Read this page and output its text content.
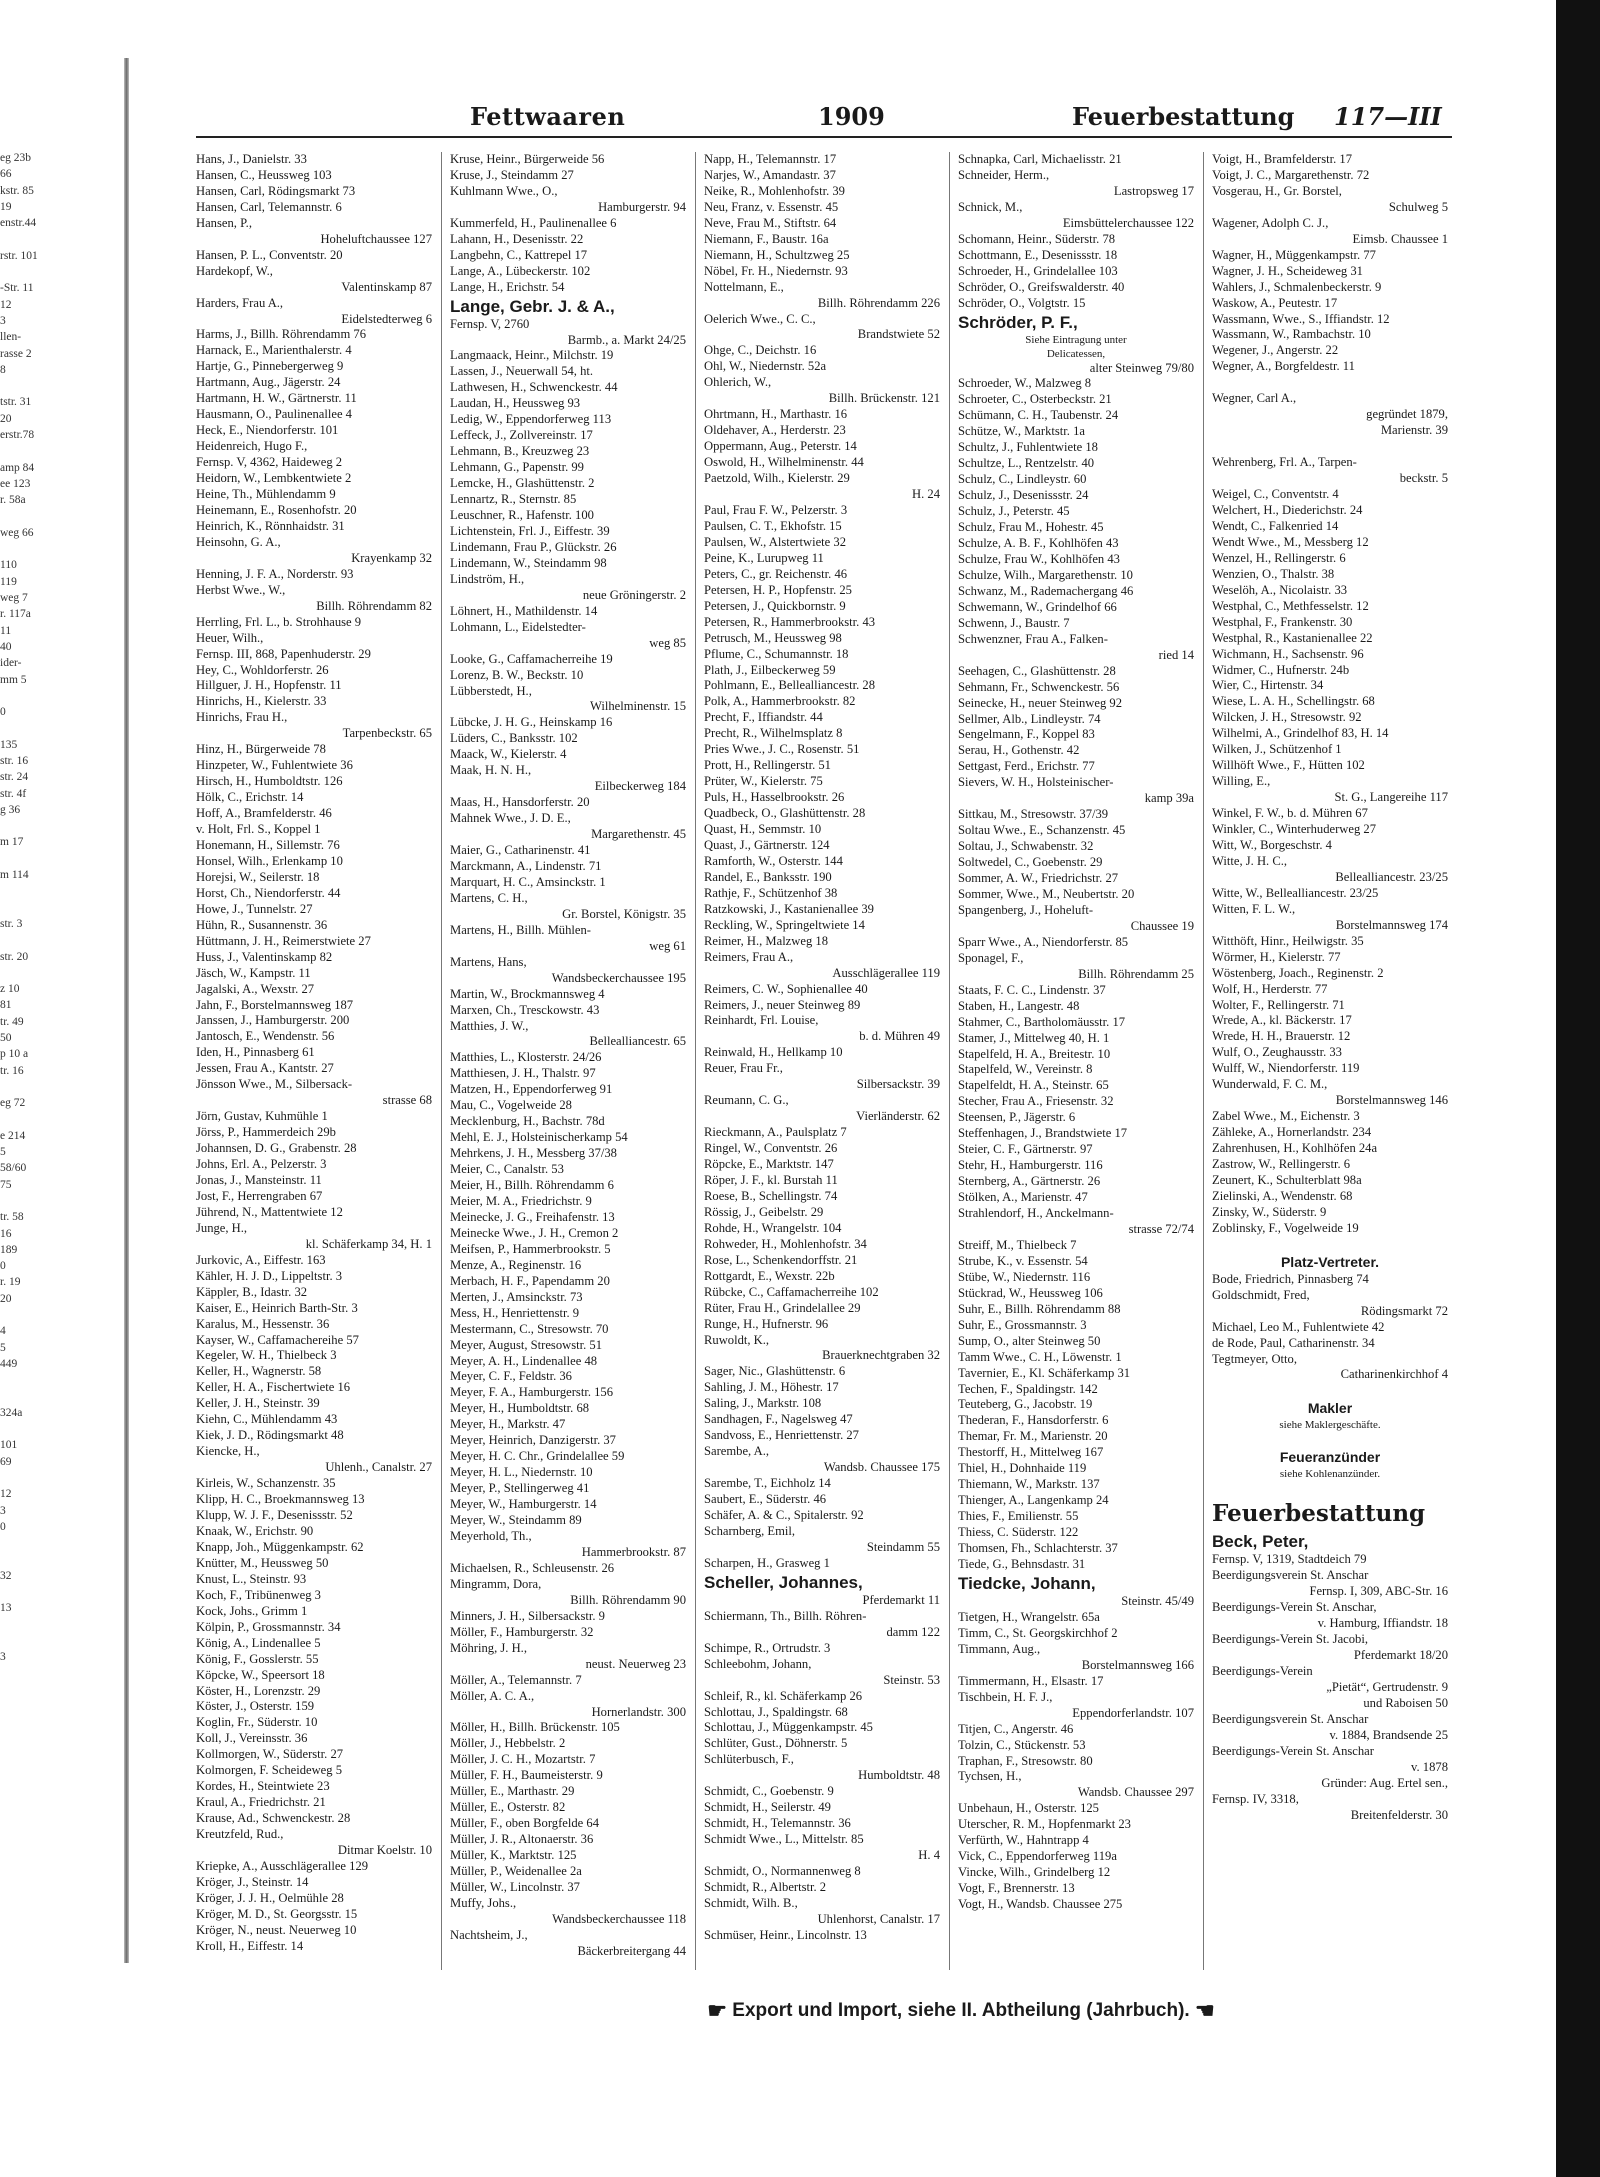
eg 23b
66
kstr. 85
19
enstr.44

rstr. 101

-Str. 11
12
3
llen-
rasse 2
8

tstr. 31
20
erstr.78

amp 84
ee 123
r. 58a

weg 66

110
119
weg 7
r. 117a
11
40
ider-
mm 5

0

135
str. 16
str. 24
str. 4f
g 36

m 17

m 114

str. 3

str. 20

z 10
81
tr. 49
50
p 10 a
tr. 16

eg 72

e 214
5
58/60
75

tr. 58
16
189
0
r. 19
20

4
5
449

324a

101
69

12
3
0

32

13

3
Fettwaaren	1909	Feuerbestattung 117—III
Hans, J., Danielstr. 33
Hansen, C., Heussweg 103
Hansen, Carl, Rödingsmarkt 73
Hansen, Carl, Telemannstr. 6
Hansen, P.,
Hoheluftchaussee 127
Hansen, P. L., Conventstr. 20
Hardekopf, W.,
Valentinskamp 87
Harders, Frau A.,
Eidelstedterweg 6
Harms, J., Billh. Röhrendamm 76
Harnack, E., Marienthalerstr. 4
Hartje, G., Pinnebergerweg 9
Hartmann, Aug., Jägerstr. 24
Hartmann, H. W., Gärtnerstr. 11
Hausmann, O., Paulinenallee 4
Heck, E., Niendorferstr. 101
Heidenreich, Hugo F.,
Fernsp. V, 4362, Haideweg 2
Heidorn, W., Lembkentwiete 2
Heine, Th., Mühlendamm 9
Heinemann, E., Rosenhofstr. 20
Heinrich, K., Rönnhaidstr. 31
Heinsohn, G. A.,
Krayenkamp 32
Henning, J. F. A., Norderstr. 93
Herbst Wwe., W.,
Billh. Röhrendamm 82
Herrling, Frl. L., b. Strohhause 9
Heuer, Wilh.,
Fernsp. III, 868, Papenhuderstr. 29
Hey, C., Wohldorferstr. 26
Hillguer, J. H., Hopfenstr. 11
Hinrichs, H., Kielerstr. 33
Hinrichs, Frau H.,
Tarpenbeckstr. 65
Hinz, H., Bürgerweide 78
Hinzpeter, W., Fuhlentwiete 36
Hirsch, H., Humboldtstr. 126
Hölk, C., Erichstr. 14
Hoff, A., Bramfelderstr. 46
v. Holt, Frl. S., Koppel 1
Honemann, H., Sillemstr. 76
Honsel, Wilh., Erlenkamp 10
Horejsi, W., Seilerstr. 18
Horst, Ch., Niendorferstr. 44
Howe, J., Tunnelstr. 27
Hühn, R., Susannenstr. 36
Hüttmann, J. H., Reimerstwiete 27
Huss, J., Valentinskamp 82
Jäsch, W., Kampstr. 11
Jagalski, A., Wexstr. 27
Jahn, F., Borstelmannsweg 187
Janssen, J., Hamburgerstr. 200
Jantosch, E., Wendenstr. 56
Iden, H., Pinnasberg 61
Jessen, Frau A., Kantstr. 27
Jönsson Wwe., M., Silbersack-
strasse 68
Jörn, Gustav, Kuhmühle 1
Jörss, P., Hammerdeich 29b
Johannsen, D. G., Grabenstr. 28
Johns, Erl. A., Pelzerstr. 3
Jonas, J., Mansteinstr. 11
Jost, F., Herrengraben 67
Jührend, N., Mattentwiete 12
Junge, H.,
kl. Schäferkamp 34, H. 1
Jurkovic, A., Eiffestr. 163
Kähler, H. J. D., Lippeltstr. 3
Käppler, B., Idastr. 32
Kaiser, E., Heinrich Barth-Str. 3
Karalus, M., Hessenstr. 36
Kayser, W., Caffamachereihe 57
Kegeler, W. H., Thielbeck 3
Keller, H., Wagnerstr. 58
Keller, H. A., Fischertwiete 16
Keller, J. H., Steinstr. 39
Kiehn, C., Mühlendamm 43
Kiek, J. D., Rödingsmarkt 48
Kiencke, H.,
Uhlenh., Canalstr. 27
Kirleis, W., Schanzenstr. 35
Klipp, H. C., Broekmannsweg 13
Klupp, W. J. F., Desenissstr. 52
Knaak, W., Erichstr. 90
Knapp, Joh., Müggenkampstr. 62
Knütter, M., Heussweg 50
Knust, L., Steinstr. 93
Koch, F., Tribünenweg 3
Kock, Johs., Grimm 1
Kölpin, P., Grossmannstr. 34
König, A., Lindenallee 5
König, F., Gosslerstr. 55
Köpcke, W., Speersort 18
Köster, H., Lorenzstr. 29
Köster, J., Osterstr. 159
Koglin, Fr., Süderstr. 10
Koll, J., Vereinsstr. 36
Kollmorgen, W., Süderstr. 27
Kolmorgen, F. Scheideweg 5
Kordes, H., Steintwiete 23
Kraul, A., Friedrichstr. 21
Krause, Ad., Schwenckestr. 28
Kreutzfeld, Rud.,
Ditmar Koelstr. 10
Kriepke, A., Ausschlägerallee 129
Kröger, J., Steinstr. 14
Kröger, J. J. H., Oelmühle 28
Kröger, M. D., St. Georgsstr. 15
Kröger, N., neust. Neuerweg 10
Kroll, H., Eiffestr. 14
Kruse, Heinr., Bürgerweide 56
Kruse, J., Steindamm 27
Kuhlmann Wwe., O.,
Hamburgerstr. 94
Kummerfeld, H., Paulinenallee 6
Lahann, H., Desenisstr. 22
Langbehn, C., Kattrepel 17
Lange, A., Lübeckerstr. 102
Lange, H., Erichstr. 54
Lange, Gebr. J. & A.,
Fernsp. V, 2760
Barmb., a. Markt 24/25
Langmaack, Heinr., Milchstr. 19
Lassen, J., Neuerwall 54, ht.
Lathwesen, H., Schwenckestr. 44
Laudan, H., Heussweg 93
Ledig, W., Eppendorferweg 113
Leffeck, J., Zollvereinstr. 17
Lehmann, B., Kreuzweg 23
Lehmann, G., Papenstr. 99
Lemcke, H., Glashüttenstr. 2
Lennartz, R., Sternstr. 85
Leuschner, R., Hafenstr. 100
Lichtenstein, Frl. J., Eiffestr. 39
Lindemann, Frau P., Glückstr. 26
Lindemann, W., Steindamm 98
Lindström, H.,
neue Gröningerstr. 2
Löhnert, H., Mathildenstr. 14
Lohmann, L., Eidelstedter-
weg 85
Looke, G., Caffamacherreihe 19
Lorenz, B. W., Beckstr. 10
Lübberstedt, H.,
Wilhelminenstr. 15
Lübcke, J. H. G., Heinskamp 16
Lüders, C., Banksstr. 102
Maack, W., Kielerstr. 4
Maak, H. N. H.,
Eilbeckerweg 184
Maas, H., Hansdorferstr. 20
Mahnek Wwe., J. D. E.,
Margarethenstr. 45
Maier, G., Catharinenstr. 41
Marckmann, A., Lindenstr. 71
Marquart, H. C., Amsinckstr. 1
Martens, C. H.,
Gr. Borstel, Königstr. 35
Martens, H., Billh. Mühlen-
weg 61
Martens, Hans,
Wandsbeckerchaussee 195
Martin, W., Brockmannsweg 4
Marxen, Ch., Tresckowstr. 43
Matthies, J. W.,
Bellealliancestr. 65
Matthies, L., Klosterstr. 24/26
Matthiesen, J. H., Thalstr. 97
Matzen, H., Eppendorferweg 91
Mau, C., Vogelweide 28
Mecklenburg, H., Bachstr. 78d
Mehl, E. J., Holsteinischerkamp 54
Mehrkens, J. H., Messberg 37/38
Meier, C., Canalstr. 53
Meier, H., Billh. Röhrendamm 6
Meier, M. A., Friedrichstr. 9
Meinecke, J. G., Freihafenstr. 13
Meinecke Wwe., J. H., Cremon 2
Meifsen, P., Hammerbrookstr. 5
Menze, A., Reginenstr. 16
Merbach, H. F., Papendamm 20
Merten, J., Amsinckstr. 73
Mess, H., Henriettenstr. 9
Mestermann, C., Stresowstr. 70
Meyer, August, Stresowstr. 51
Meyer, A. H., Lindenallee 48
Meyer, C. F., Feldstr. 36
Meyer, F. A., Hamburgerstr. 156
Meyer, H., Humboldtstr. 68
Meyer, H., Markstr. 47
Meyer, Heinrich, Danzigerstr. 37
Meyer, H. C. Chr., Grindelallee 59
Meyer, H. L., Niedernstr. 10
Meyer, P., Stellingerweg 41
Meyer, W., Hamburgerstr. 14
Meyer, W., Steindamm 89
Meyerhold, Th.,
Hammerbrookstr. 87
Michaelsen, R., Schleusenstr. 26
Mingramm, Dora,
Billh. Röhrendamm 90
Minners, J. H., Silbersackstr. 9
Möller, F., Hamburgerstr. 32
Möhring, J. H.,
neust. Neuerweg 23
Möller, A., Telemannstr. 7
Möller, A. C. A.,
Hornerlandstr. 300
Möller, H., Billh. Brückenstr. 105
Möller, J., Hebbelstr. 2
Möller, J. C. H., Mozartstr. 7
Müller, F. H., Baumeisterstr. 9
Müller, E., Marthastr. 29
Müller, E., Osterstr. 82
Müller, F., oben Borgfelde 64
Müller, J. R., Altonaerstr. 36
Müller, K., Marktstr. 125
Müller, P., Weidenallee 2a
Müller, W., Lincolnstr. 37
Muffy, Johs.,
Wandsbeckerchaussee 118
Nachtsheim, J.,
Bäckerbreitergang 44
Napp, H., Telemannstr. 17
Narjes, W., Amandastr. 37
Neike, R., Mohlenhofstr. 39
Neu, Franz, v. Essenstr. 45
Neve, Frau M., Stiftstr. 64
Niemann, F., Baustr. 16a
Niemann, H., Schultzweg 25
Nöbel, Fr. H., Niedernstr. 93
Nottelmann, E.,
Billh. Röhrendamm 226
Oelerich Wwe., C. C.,
Brandstwiete 52
Ohge, C., Deichstr. 16
Ohl, W., Niedernstr. 52a
Ohlerich, W.,
Billh. Brückenstr. 121
Ohrtmann, H., Marthastr. 16
Oldehaver, A., Herderstr. 23
Oppermann, Aug., Peterstr. 14
Oswold, H., Wilhelminenstr. 44
Paetzold, Wilh., Kielerstr. 29
H. 24
Paul, Frau F. W., Pelzerstr. 3
Paulsen, C. T., Ekhofstr. 15
Paulsen, W., Alstertwiete 32
Peine, K., Lurupweg 11
Peters, C., gr. Reichenstr. 46
Petersen, H. P., Hopfenstr. 25
Petersen, J., Quickbornstr. 9
Petersen, R., Hammerbrookstr. 43
Petrusch, M., Heussweg 98
Pflume, C., Schumannstr. 18
Plath, J., Eilbeckerweg 59
Pohlmann, E., Bellealliancestr. 28
Polk, A., Hammerbrookstr. 82
Precht, F., Iffiandstr. 44
Precht, R., Wilhelmsplatz 8
Pries Wwe., J. C., Rosenstr. 51
Prott, H., Rellingerstr. 51
Prüter, W., Kielerstr. 75
Puls, H., Hasselbrookstr. 26
Quadbeck, O., Glashüttenstr. 28
Quast, H., Semmstr. 10
Quast, J., Gärtnerstr. 124
Ramforth, W., Osterstr. 144
Randel, E., Banksstr. 190
Rathje, F., Schützenhof 38
Ratzkowski, J., Kastanienallee 39
Reckling, W., Springeltwiete 14
Reimer, H., Malzweg 18
Reimers, Frau A.,
Ausschlägerallee 119
Reimers, C. W., Sophienallee 40
Reimers, J., neuer Steinweg 89
Reinhardt, Frl. Louise,
b. d. Mühren 49
Reinwald, H., Hellkamp 10
Reuer, Frau Fr.,
Silbersackstr. 39
Reumann, C. G.,
Vierländerstr. 62
Rieckmann, A., Paulsplatz 7
Ringel, W., Conventstr. 26
Röpcke, E., Marktstr. 147
Röper, J. F., kl. Burstah 11
Roese, B., Schellingstr. 74
Rössig, J., Geibelstr. 29
Rohde, H., Wrangelstr. 104
Rohweder, H., Mohlenhofstr. 34
Rose, L., Schenkendorffstr. 21
Rottgardt, E., Wexstr. 22b
Rübcke, C., Caffamacherreihe 102
Rüter, Frau H., Grindelallee 29
Runge, H., Hufnerstr. 96
Ruwoldt, K.,
Brauerknechtgraben 32
Sager, Nic., Glashüttenstr. 6
Sahling, J. M., Höhestr. 17
Saling, J., Markstr. 108
Sandhagen, F., Nagelsweg 47
Sandvoss, E., Henriettenstr. 27
Sarembe, A.,
Wandsb. Chaussee 175
Sarembe, T., Eichholz 14
Saubert, E., Süderstr. 46
Schäfer, A. & C., Spitalerstr. 92
Scharnberg, Emil,
Steindamm 55
Scharpen, H., Grasweg 1
Scheller, Johannes,
Pferdemarkt 11
Schiermann, Th., Billh. Röhren-
damm 122
Schimpe, R., Ortrudstr. 3
Schleebohm, Johann,
Steinstr. 53
Schleif, R., kl. Schäferkamp 26
Schlottau, J., Spaldingstr. 68
Schlottau, J., Müggenkampstr. 45
Schlüter, Gust., Döhnerstr. 5
Schlüterbusch, F.,
Humboldtstr. 48
Schmidt, C., Goebenstr. 9
Schmidt, H., Seilerstr. 49
Schmidt, H., Telemannstr. 36
Schmidt Wwe., L., Mittelstr. 85
H. 4
Schmidt, O., Normannenweg 8
Schmidt, R., Albertstr. 2
Schmidt, Wilh. B.,
Uhlenhorst, Canalstr. 17
Schmüser, Heinr., Lincolnstr. 13
Schnapka, Carl, Michaelisstr. 21
Schneider, Herm.,
Lastropsweg 17
Schnick, M.,
Eimsbüttelerchaussee 122
Schomann, Heinr., Süderstr. 78
Schottmann, E., Desenissstr. 18
Schroeder, H., Grindelallee 103
Schröder, O., Greifswalderstr. 40
Schröder, O., Volgtstr. 15
Schröder, P. F.,
Siehe Eintragung unter
Delicatessen,
alter Steinweg 79/80
Schroeder, W., Malzweg 8
Schroeter, C., Osterbeckstr. 21
Schümann, C. H., Taubenstr. 24
Schütze, W., Marktstr. 1a
Schultz, J., Fuhlentwiete 18
Schultze, L., Rentzelstr. 40
Schulz, C., Lindleystr. 60
Schulz, J., Desenissstr. 24
Schulz, J., Peterstr. 45
Schulz, Frau M., Hohestr. 45
Schulze, A. B. F., Kohlhöfen 43
Schulze, Frau W., Kohlhöfen 43
Schulze, Wilh., Margarethenstr. 10
Schwanz, M., Rademachergang 46
Schwemann, W., Grindelhof 66
Schwenn, J., Baustr. 7
Schwenzner, Frau A., Falken-
ried 14
Seehagen, C., Glashüttenstr. 28
Sehmann, Fr., Schwenckestr. 56
Seinecke, H., neuer Steinweg 92
Sellmer, Alb., Lindleystr. 74
Sengelmann, F., Koppel 83
Serau, H., Gothenstr. 42
Settgast, Ferd., Erichstr. 77
Sievers, W. H., Holsteinischer-
kamp 39a
Sittkau, M., Stresowstr. 37/39
Soltau Wwe., E., Schanzenstr. 45
Soltau, J., Schwabenstr. 32
Soltwedel, C., Goebenstr. 29
Sommer, A. W., Friedrichstr. 27
Sommer, Wwe., M., Neubertstr. 20
Spangenberg, J., Hoheluft-
Chaussee 19
Sparr Wwe., A., Niendorferstr. 85
Sponagel, F.,
Billh. Röhrendamm 25
Staats, F. C. C., Lindenstr. 37
Staben, H., Langestr. 48
Stahmer, C., Bartholomäusstr. 17
Stamer, J., Mittelweg 40, H. 1
Stapelfeld, H. A., Breitestr. 10
Stapelfeld, W., Vereinstr. 8
Stapelfeldt, H. A., Steinstr. 65
Stecher, Frau A., Friesenstr. 32
Steensen, P., Jägerstr. 6
Steffenhagen, J., Brandstwiete 17
Steier, C. F., Gärtnerstr. 97
Stehr, H., Hamburgerstr. 116
Sternberg, A., Gärtnerstr. 26
Stölken, A., Marienstr. 47
Strahlendorf, H., Anckelmann-
strasse 72/74
Streiff, M., Thielbeck 7
Strube, K., v. Essenstr. 54
Stübe, W., Niedernstr. 116
Stückrad, W., Heussweg 106
Suhr, E., Billh. Röhrendamm 88
Suhr, E., Grossmannstr. 3
Sump, O., alter Steinweg 50
Tamm Wwe., C. H., Löwenstr. 1
Tavernier, E., Kl. Schäferkamp 31
Techen, F., Spaldingstr. 142
Teuteberg, G., Jacobstr. 19
Thederan, F., Hansdorferstr. 6
Themar, Fr. M., Marienstr. 20
Thestorff, H., Mittelweg 167
Thiel, H., Dohnhaide 119
Thiemann, W., Markstr. 137
Thienger, A., Langenkamp 24
Thies, F., Emilienstr. 55
Thiess, C. Süderstr. 122
Thomsen, Fh., Schlachterstr. 37
Tiede, G., Behnsdastr. 31
Tiedcke, Johann,
Steinstr. 45/49
Tietgen, H., Wrangelstr. 65a
Timm, C., St. Georgskirchhof 2
Timmann, Aug.,
Borstelmannsweg 166
Timmermann, H., Elsastr. 17
Tischbein, H. F. J.,
Eppendorferlandstr. 107
Titjen, C., Angerstr. 46
Tolzin, C., Stückenstr. 53
Traphan, F., Stresowstr. 80
Tychsen, H.,
Wandsb. Chaussee 297
Unbehaun, H., Osterstr. 125
Uterscher, R. M., Hopfenmarkt 23
Verfürth, W., Hahntrapp 4
Vick, C., Eppendorferweg 119a
Vincke, Wilh., Grindelberg 12
Vogt, F., Brennerstr. 13
Vogt, H., Wandsb. Chaussee 275
Voigt, H., Bramfelderstr. 17
Voigt, J. C., Margarethenstr. 72
Vosgerau, H., Gr. Borstel,
Schulweg 5
Wagener, Adolph C. J.,
Eimsb. Chaussee 1
Wagner, H., Müggenkampstr. 77
Wagner, J. H., Scheideweg 31
Wahlers, J., Schmalenbeckerstr. 9
Waskow, A., Peutestr. 17
Wassmann, Wwe., S., Iffiandstr. 12
Wassmann, W., Rambachstr. 10
Wegener, J., Angerstr. 22
Wegner, A., Borgfeldestr. 11

Wegner, Carl A.,
gegründet 1879,
Marienstr. 39

Wehrenberg, Frl. A., Tarpen-
beckstr. 5
Weigel, C., Conventstr. 4
Welchert, H., Diederichstr. 24
Wendt, C., Falkenried 14
Wendt Wwe., M., Messberg 12
Wenzel, H., Rellingerstr. 6
Wenzien, O., Thalstr. 38
Weselöh, A., Nicolaistr. 33
Westphal, C., Methfesselstr. 12
Westphal, F., Frankenstr. 30
Westphal, R., Kastanienallee 22
Wichmann, H., Sachsenstr. 96
Widmer, C., Hufnerstr. 24b
Wier, C., Hirtenstr. 34
Wiese, L. A. H., Schellingstr. 68
Wilcken, J. H., Stresowstr. 92
Wilhelmi, A., Grindelhof 83, H. 14
Wilken, J., Schützenhof 1
Willhöft Wwe., F., Hütten 102
Willing, E.,
St. G., Langereihe 117
Winkel, F. W., b. d. Mühren 67
Winkler, C., Winterhuderweg 27
Witt, W., Borgeschstr. 4
Witte, J. H. C.,
Bellealliancestr. 23/25
Witte, W., Bellealliancestr. 23/25
Witten, F. L. W.,
Borstelmannsweg 174
Witthöft, Hinr., Heilwigstr. 35
Wörmer, H., Kielerstr. 77
Wöstenberg, Joach., Reginenstr. 2
Wolf, H., Herderstr. 77
Wolter, F., Rellingerstr. 71
Wrede, A., kl. Bäckerstr. 17
Wrede, H. H., Brauerstr. 12
Wulf, O., Zeughausstr. 33
Wulff, W., Niendorferstr. 119
Wunderwald, F. C. M.,
Borstelmannsweg 146
Zabel Wwe., M., Eichenstr. 3
Zähleke, A., Hornerlandstr. 234
Zahrenhusen, H., Kohlhöfen 24a
Zastrow, W., Rellingerstr. 6
Zeunert, K., Schulterblatt 98a
Zielinski, A., Wendenstr. 68
Zinsky, W., Süderstr. 9
Zoblinsky, F., Vogelweide 19

Platz-Vertreter.
Bode, Friedrich, Pinnasberg 74
Goldschmidt, Fred,
Rödingsmarkt 72
Michael, Leo M., Fuhlentwiete 42
de Rode, Paul, Catharinenstr. 34
Tegtmeyer, Otto,
Catharinenkirchhof 4

Makler
siehe Maklergeschäfte.

Feueranzünder
siehe Kohlenanzünder.

Feuerbestattung
Beck, Peter,
Fernsp. V, 1319, Stadtdeich 79
Beerdigungsverein St. Anschar
Fernsp. I, 309, ABC-Str. 16
Beerdigungs-Verein St. Anschar,
v. Hamburg, Iffiandstr. 18
Beerdigungs-Verein St. Jacobi,
Pferdemarkt 18/20
Beerdigungs-Verein
„Pietät“, Gertrudenstr. 9
und Raboisen 50
Beerdigungsverein St. Anschar
v. 1884, Brandsende 25
Beerdigungs-Verein St. Anschar
v. 1878
Gründer: Aug. Ertel sen.,
Fernsp. IV, 3318,
Breitenfelderstr. 30
☛ Export und Import, siehe II. Abtheilung (Jahrbuch). ☚
